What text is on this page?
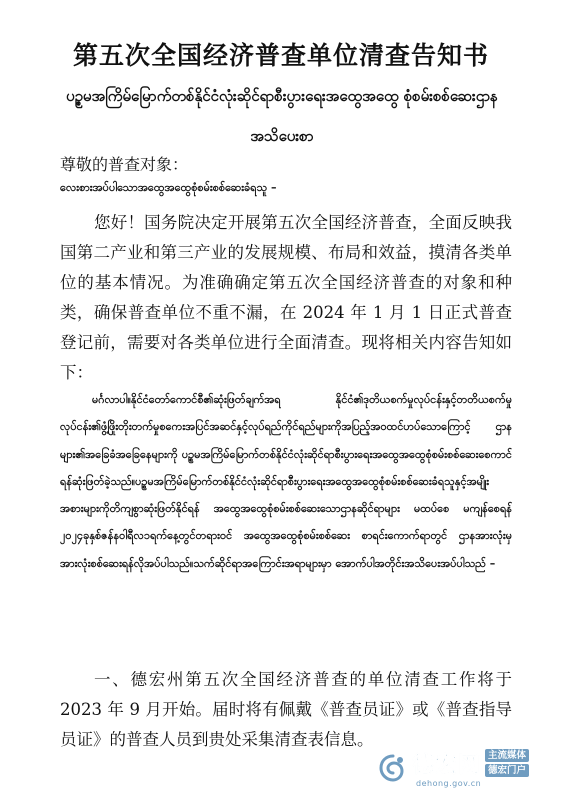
第五次全国经济普查单位清查告知书
ပဉ္စမအကြိမ်မြောက်တစ်နိုင်ငံလုံးဆိုင်ရာစီးပွားရေးအထွေအထွေ စုံစမ်းစစ်ဆေးဌာန အသိပေးစာ
尊敬的普查对象：
လေးစားအပ်ပါသောအထွေအထွေစုံစမ်းစစ်ဆေးခံရသူ –

您好！国务院决定开展第五次全国经济普查，全面反映我国第二产业和第三产业的发展规模、布局和效益，摸清各类单位的基本情况。为准确确定第五次全国经济普查的对象和种类，确保普查单位不重不漏，在 2024 年 1 月 1 日正式普查登记前，需要对各类单位进行全面清查。现将相关内容告知如下：

မင်္ဂလာပါ။နိုင်ငံတော်ကောင်စီ၏ဆုံးဖြတ်ချက်အရ နိုင်ငံ၏ဒုတိယစက်မှုလုပ်ငန်းနှင့်တတိယစက်မှုလုပ်ငန်း၏ဖွံ့ဖြိုးတိုးတက်မှုစကေးအပြင်အဆင်နှင့်လုပ်ရည်ကိုင်ရည်များကိုအပြည့်အဝထင်ဟပ်သောကြောင့် ဌာနများ၏အခြေခံအခြေနေများကို ပဉ္စမအကြိမ်မြောက်တစ်နိုင်ငံလုံးဆိုင်ရာစီးပွားရေးအထွေအထွေစုံစမ်းစစ်ဆေးစေကာင်ရန်ဆုံးဖြတ်ခဲ့သည်။ပဉ္စမအကြိမ်မြောက်တစ်နိုင်ငံလုံးဆိုင်ရာစီးပွားရေးအထွေအထွေစုံစမ်းစစ်ဆေးခံရသူနှင့်အမျိုးအစားများကိုတိကျစွာဆုံးဖြတ်နိုင်ရန် အထွေအထွေစုံစမ်းစစ်ဆေးသောဌာနဆိုင်ရာများ မထပ်စေ မကျန်စေရန် ၂၀၂၄ခုနှစ်ဇန်နဝါရီလ၁ရက်နေ့တွင်တရားဝင် အထွေအထွေစုံစမ်းစစ်ဆေး စာရင်းကောက်ရာတွင် ဌာနအားလုံးမှ အားလုံးစစ်ဆေးရန်လိုအပ်ပါသည်။သက်ဆိုင်ရာအကြောင်းအရာများမှာ အောက်ပါအတိုင်းအသိပေးအပ်ပါသည် –

一、德宏州第五次全国经济普查的单位清查工作将于 2023 年 9 月开始。届时将有佩戴《普查员证》或《普查指导员证》的普查人员到贵处采集清查表信息。

德宏网 主流媒体
德宏门户
dehong.gov.cn
